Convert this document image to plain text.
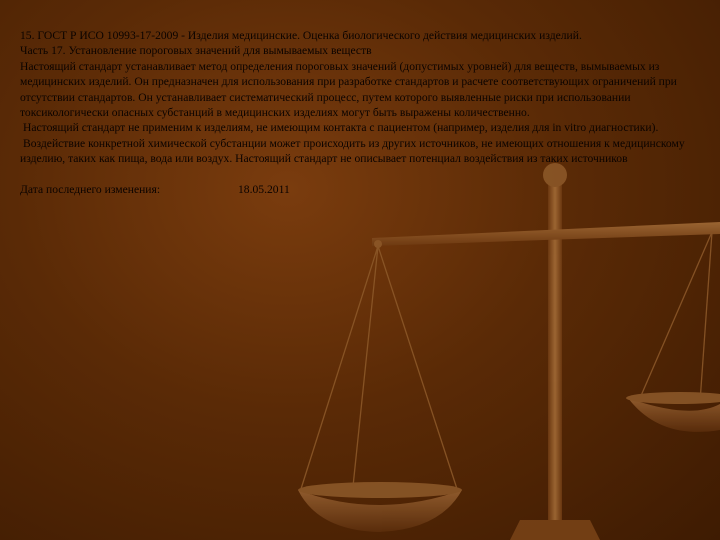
15. ГОСТ Р ИСО 10993-17-2009 - Изделия медицинские. Оценка биологического действия медицинских изделий.

Часть 17. Установление пороговых значений для вымываемых веществ

Настоящий стандарт устанавливает метод определения пороговых значений (допустимых уровней) для веществ, вымываемых из медицинских изделий. Он предназначен для использования при разработке стандартов и расчете соответствующих ограничений при отсутствии стандартов. Он устанавливает систематический процесс, путем которого выявленные риски при использовании токсикологически опасных субстанций в медицинских изделиях могут быть выражены количественно.

Настоящий стандарт не применим к изделиям, не имеющим контакта с пациентом (например, изделия для in vitro диагностики).

Воздействие конкретной химической субстанции может происходить из других источников, не имеющих отношения к медицинскому изделию, таких как пища, вода или воздух. Настоящий стандарт не описывает потенциал воздействия из таких источников

Дата последнего изменения:	18.05.2011
